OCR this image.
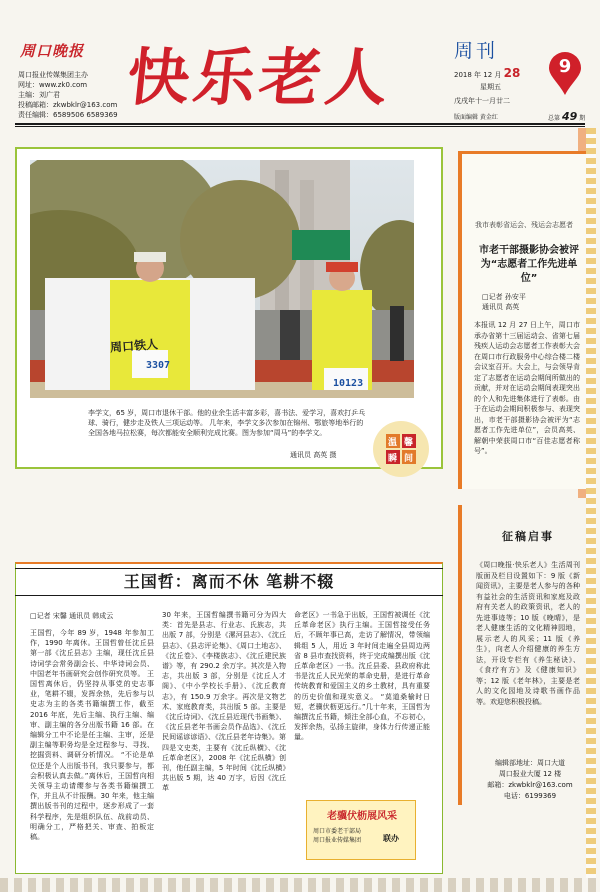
周口晚报
周口报业传媒集团主办
网址：www.zk0.com
主编：刘广君
投稿邮箱：zkwbklr@163.com
责任编辑：6589506 6589369
快乐老人	周刊
9
2018 年 12 月 28
星期五
戊戌年十一月廿二
版面编辑 黄金红	总第 49 期
周口铁人
3307
10123
李学文，65 岁，周口市退休干部。他的业余生活丰富多彩，喜书法、爱学习，喜欢打乒乓球、骑行，健步走及铁人三项运动等。 几年来，李学文多次参加在锦州、鄂旅等地举行的全国各地马拉松赛，每次都能安全顺利完成比赛。图为参加“周马”的李学文。
通讯员 高英 摄
温 馨
瞬 间
我市表彰省运会、残运会志愿者
市老干部摄影协会被评为“志愿者工作先进单位”
□记者 孙安平
通讯员 高英
本报讯 12 月 27 日上午，周口市承办省第十三届运动会、省第七届残疾人运动会志愿者工作表彰大会在周口市行政服务中心综合楼二楼会议室召开。大会上，与会领导肯定了志愿者在运动会期间所做出的贡献，并对在运动会期间表现突出的个人和先进集体进行了表彰。由于在运动会期间积极参与、表现突出，市老干部摄影协会被评为“志愿者工作先进单位”，会员高英、解朝中荣获周口市“百佳志愿者称号”。
征稿启事
《周口晚报·快乐老人》生活周刊版面及栏目设置如下：9 版《新闻资讯》，主要是老人参与的各种有益社会的生活资讯和家庭及政府有关老人的政策资讯，老人的先进事迹等；10 版《晚晴》，是老人健康生活的文化精神园地，展示老人的风采；11 版《养生》，向老人介绍健康的养生方法，开设专栏有《养生秘诀》、《食疗有方》及《健康知识》等；12 版《老年林》，主要是老人的文化园地及诗歌书画作品等。欢迎您积极投稿。
编辑部地址：周口大道
周口报业大厦 12 楼
邮箱：zkwbklr@163.com
电话：6199369
王国哲：离而不休 笔耕不辍
□记者 宋馨 通讯员 韩成云
王国哲，今年 89 岁，1948 年参加工作，1990 年离休。王国哲曾任沈丘县第一部《沈丘县志》主编，现任沈丘县诗词学会常务副会长、中华诗词会员、中国老年书画研究会创作研究员等。 王国哲离休后，仍坚持从事党的史志事业，笔耕不辍，发挥余热，先后参与以史志为主的各类书籍编撰工作，截至 2016 年底，先后主编、执行主编、编审、副主编的各分出版书籍 16 部。在编辑分工中不论是任主编、主审，还是副主编等职务均是全过程参与、寻找、挖掘资料、调研分析情况。 “不论是单位还是个人出版书刊，我只要参与，都会积极认真去做。”离休后，王国哲向相关领导主动请缨参与各类书籍编撰工作，并且从不计报酬。30 年来，他主编撰出版书刊的过程中，逐步形成了一套科学程序，先是组织队伍、战前动员、明确分工，严格把关、审查、拍板定稿。
30 年来，王国哲编撰书籍可分为四大类：首先是县志、行业志、氏族志，共出版 7 部，分别是《漯河县志》、《沈丘县志》、《县志评论集》、《周口土地志》、《沈丘卷》、《李楼族志》、《沈丘建民族谱》等，有 290.2 余万字。其次是入物志，共出版 3 部，分别是《沈丘人才阁》、《中小学校长手册》、《沈丘教育志》，有 150.9 万余字。再次是文物艺术、家庭教育类，共出版 5 部。主要是《沈丘诗词》、《沈丘县近现代书画集》、《沈丘县老年书画会员作品选》、《沈丘民间谣谚谚语》、《沈丘县老年诗集》。第四是文史类，主要有《沈丘纵横》、《沈丘革命老区》，2008 年《沈丘纵横》创刊，他任副主编，5 年时间《沈丘纵横》共出版 5 期，达 40 万字，后因《沈丘革
命老区》一书急于出版，王国哲被调任《沈丘革命老区》执行主编。王国哲接受任务后，不顾年事已高，走访了解情况，带领编辑组 5 人，用近 3 年时间走遍全县周边两省 8 县市查找资料，终于完成编撰出版《沈丘革命老区》一书。沈丘县委、县政府称此书是沈丘人民光荣的革命史册，是进行革命传统教育和爱国主义的乡土教材，具有重要的历史价值和现实意义。 “莫道桑榆时日短，老骥伏枥更远行。”几十年来，王国哲为编撰沈丘书籍，倾注全部心血，不忘初心，发挥余热，弘扬主旋律，身体力行传递正能量。
老骥伏枥展风采
周口市委老干部局
周口报业传媒集团	联办
